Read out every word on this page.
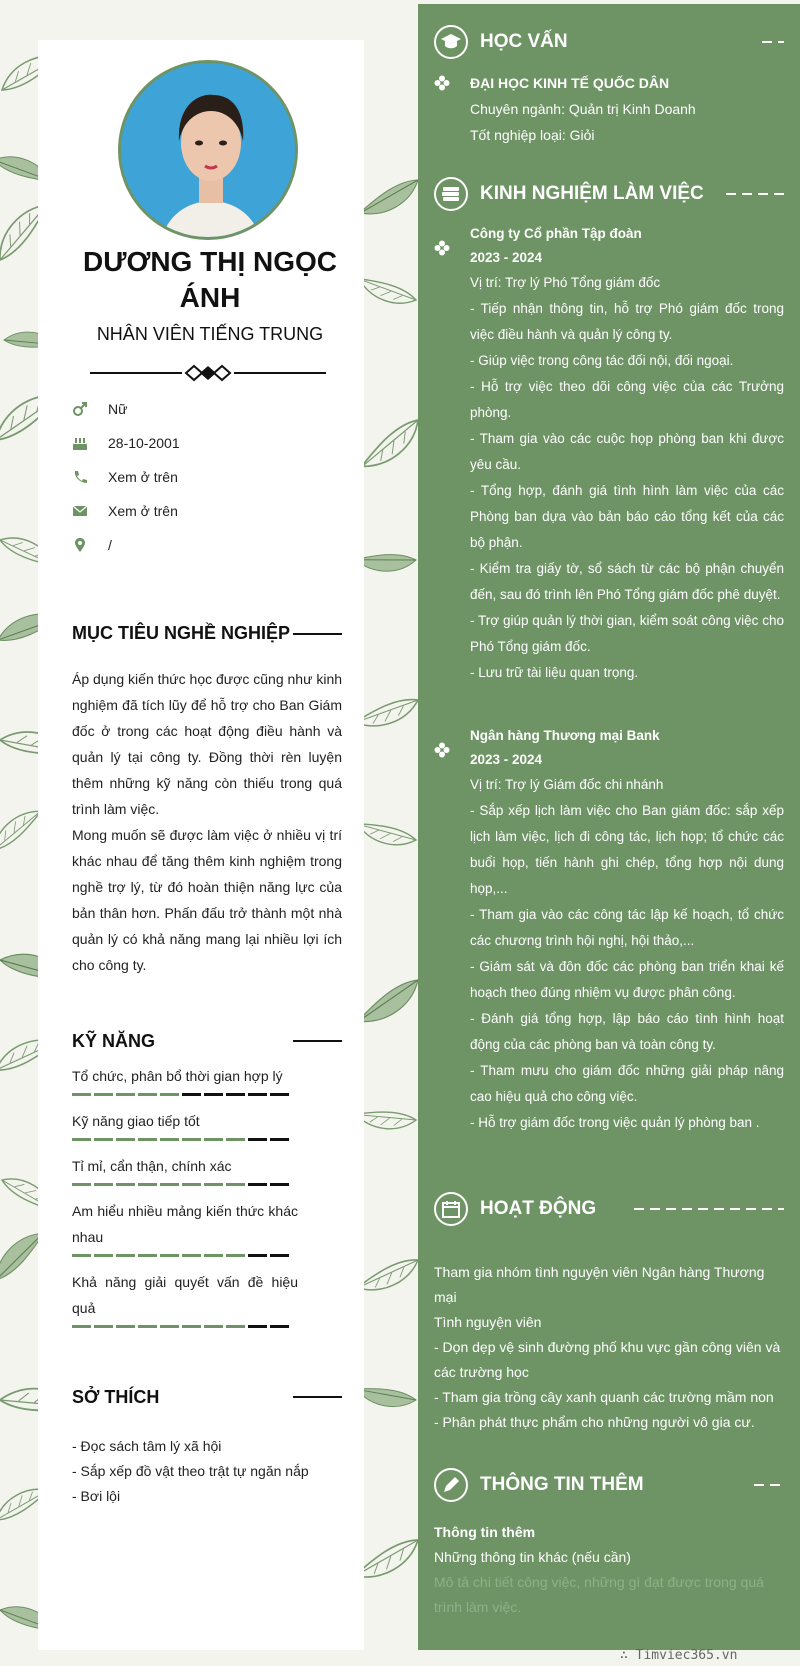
DƯƠNG THỊ NGỌC ÁNH
NHÂN VIÊN TIẾNG TRUNG
Nữ
28-10-2001
Xem ở trên
Xem ở trên
/
MỤC TIÊU NGHỀ NGHIỆP
Áp dụng kiến thức học được cũng như kinh nghiệm đã tích lũy để hỗ trợ cho Ban Giám đốc ở trong các hoạt động điều hành và quản lý tại công ty. Đồng thời rèn luyện thêm những kỹ năng còn thiếu trong quá trình làm việc.
Mong muốn sẽ được làm việc ở nhiều vị trí khác nhau để tăng thêm kinh nghiệm trong nghề trợ lý, từ đó hoàn thiện năng lực của bản thân hơn. Phấn đấu trở thành một nhà quản lý có khả năng mang lại nhiều lợi ích cho công ty.
KỸ NĂNG
Tổ chức, phân bổ thời gian hợp lý
Kỹ năng giao tiếp tốt
Tỉ mỉ, cẩn thận, chính xác
Am hiểu nhiều mảng kiến thức khác nhau
Khả năng giải quyết vấn đề hiệu quả
SỞ THÍCH
- Đọc sách tâm lý xã hội
- Sắp xếp đồ vật theo trật tự ngăn nắp
- Bơi lội
HỌC VẤN
ĐẠI HỌC KINH TẾ QUỐC DÂN
Chuyên ngành: Quản trị Kinh Doanh
Tốt nghiệp loại: Giỏi
KINH NGHIỆM LÀM VIỆC
Công ty Cổ phần Tập đoàn
2023 - 2024
Vị trí: Trợ lý Phó Tổng giám đốc
- Tiếp nhận thông tin, hỗ trợ Phó giám đốc trong việc điều hành và quản lý công ty.
- Giúp việc trong công tác đối nội, đối ngoại.
- Hỗ trợ việc theo dõi công việc của các Trưởng phòng.
- Tham gia vào các cuộc họp phòng ban khi được yêu cầu.
- Tổng hợp, đánh giá tình hình làm việc của các Phòng ban dựa vào bản báo cáo tổng kết của các bộ phận.
- Kiểm tra giấy tờ, sổ sách từ các bộ phận chuyển đến, sau đó trình lên Phó Tổng giám đốc phê duyệt.
- Trợ giúp quản lý thời gian, kiểm soát công việc cho Phó Tổng giám đốc.
- Lưu trữ tài liệu quan trọng.
Ngân hàng Thương mại Bank
2023 - 2024
Vị trí: Trợ lý Giám đốc chi nhánh
- Sắp xếp lịch làm việc cho Ban giám đốc: sắp xếp lịch làm việc, lịch đi công tác, lịch họp; tổ chức các buổi họp, tiến hành ghi chép, tổng hợp nội dung họp,...
- Tham gia vào các công tác lập kế hoạch, tổ chức các chương trình hội nghị, hội thảo,...
- Giám sát và đôn đốc các phòng ban triển khai kế hoạch theo đúng nhiệm vụ được phân công.
- Đánh giá tổng hợp, lập báo cáo tình hình hoạt động của các phòng ban và toàn công ty.
- Tham mưu cho giám đốc những giải pháp nâng cao hiệu quả cho công việc.
- Hỗ trợ giám đốc trong việc quản lý phòng ban .
HOẠT ĐỘNG
Tham gia nhóm tình nguyện viên Ngân hàng Thương mại
Tình nguyện viên
- Dọn dẹp vệ sinh đường phố khu vực gần công viên và các trường học
- Tham gia trồng cây xanh quanh các trường mầm non
- Phân phát thực phẩm cho những người vô gia cư.
THÔNG TIN THÊM
Thông tin thêm
Những thông tin khác (nếu cần)
Mô tả chi tiết công việc, những gì đạt được trong quá trình làm việc.
∴ Timviec365.vn
